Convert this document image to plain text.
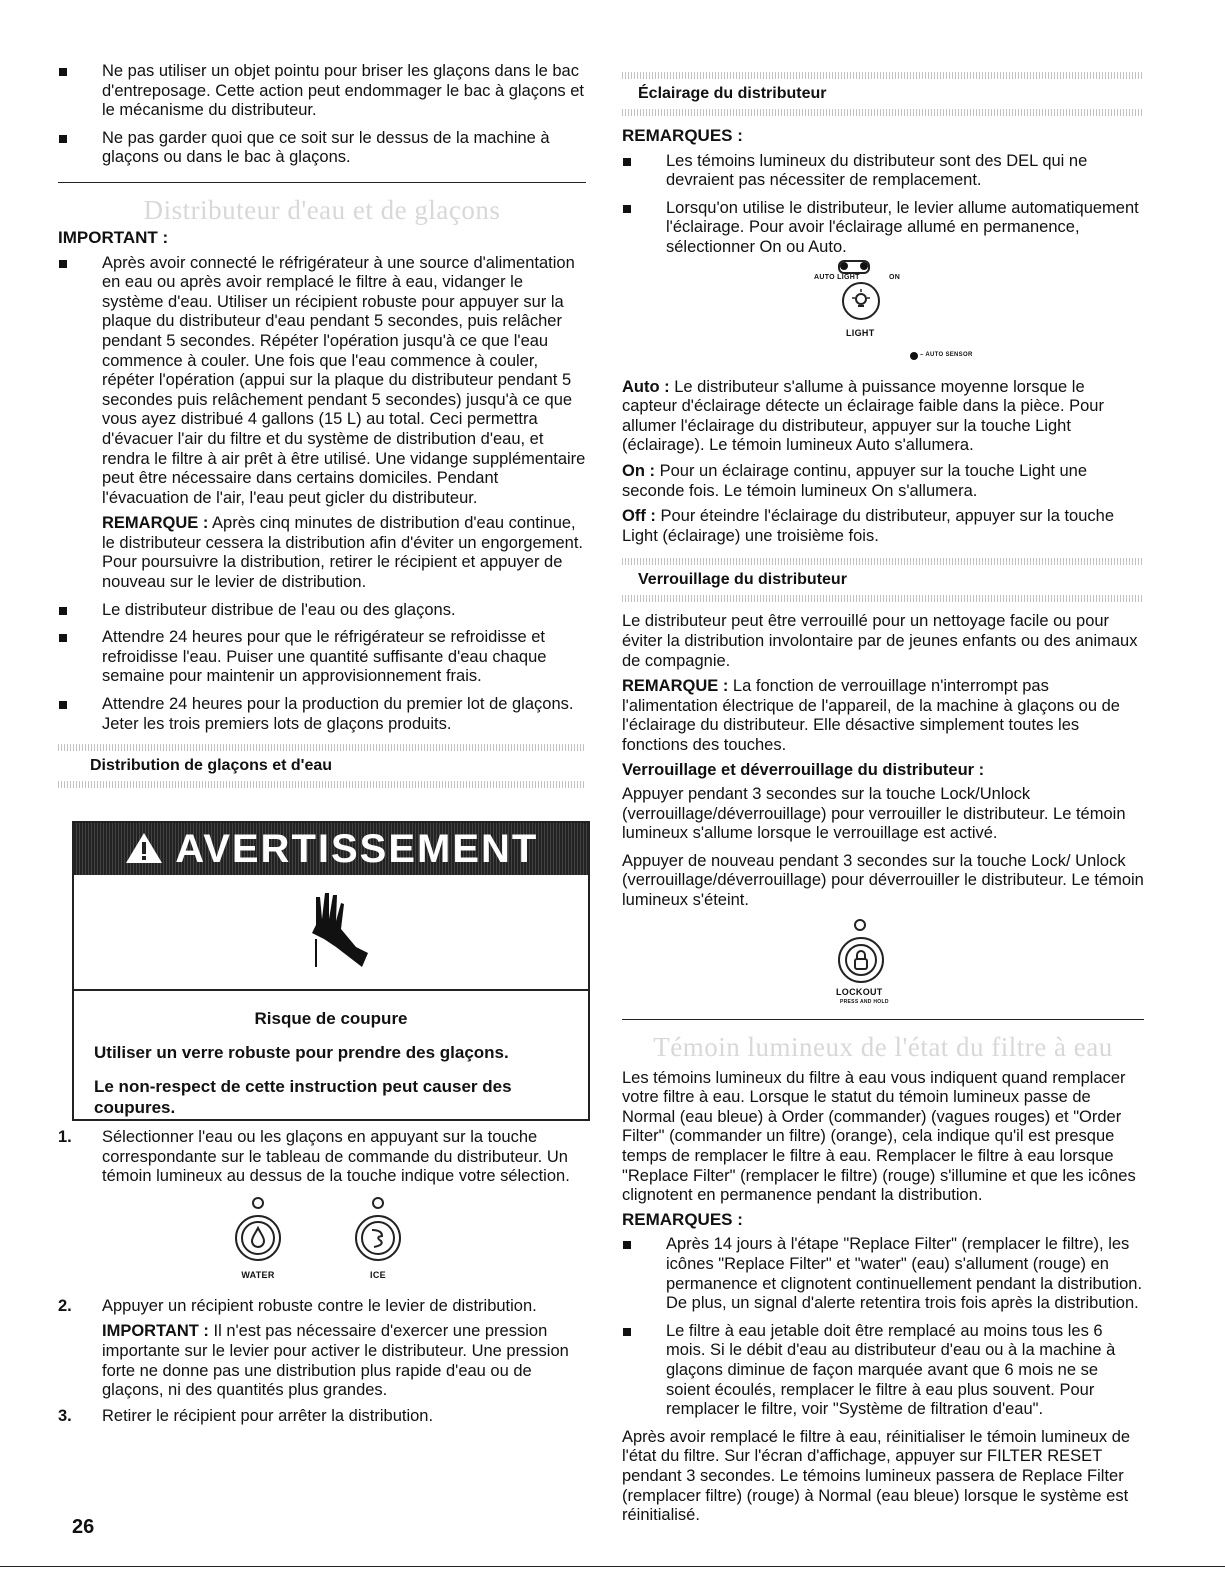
Ne pas utiliser un objet pointu pour briser les glaçons dans le bac d'entreposage. Cette action peut endommager le bac à glaçons et le mécanisme du distributeur.
Ne pas garder quoi que ce soit sur le dessus de la machine à glaçons ou dans le bac à glaçons.
Distributeur d'eau et de glaçons

IMPORTANT :

Après avoir connecté le réfrigérateur à une source d'alimentation en eau ou après avoir remplacé le filtre à eau, vidanger le système d'eau. Utiliser un récipient robuste pour appuyer sur la plaque du distributeur d'eau pendant 5 secondes, puis relâcher pendant 5 secondes. Répéter l'opération jusqu'à ce que l'eau commence à couler. Une fois que l'eau commence à couler, répéter l'opération (appui sur la plaque du distributeur pendant 5 secondes puis relâchement pendant 5 secondes) jusqu'à ce que vous ayez distribué 4 gallons (15 L) au total. Ceci permettra d'évacuer l'air du filtre et du système de distribution d'eau, et rendra le filtre à air prêt à être utilisé. Une vidange supplémentaire peut être nécessaire dans certains domiciles. Pendant l'évacuation de l'air, l'eau peut gicler du distributeur.

REMARQUE : Après cinq minutes de distribution d'eau continue, le distributeur cessera la distribution afin d'éviter un engorgement. Pour poursuivre la distribution, retirer le récipient et appuyer de nouveau sur le levier de distribution.

Le distributeur distribue de l'eau ou des glaçons.
Attendre 24 heures pour que le réfrigérateur se refroidisse et refroidisse l'eau. Puiser une quantité suffisante d'eau chaque semaine pour maintenir un approvisionnement frais.
Attendre 24 heures pour la production du premier lot de glaçons. Jeter les trois premiers lots de glaçons produits.
Distribution de glaçons et d'eau
AVERTISSEMENT

Risque de coupure

Utiliser un verre robuste pour prendre des glaçons.

Le non-respect de cette instruction peut causer des coupures.

1. Sélectionner l'eau ou les glaçons en appuyant sur la touche correspondante sur le tableau de commande du distributeur. Un témoin lumineux au dessus de la touche indique votre sélection.
WATER	ICE
2. Appuyer un récipient robuste contre le levier de distribution.

IMPORTANT : Il n'est pas nécessaire d'exercer une pression importante sur le levier pour activer le distributeur. Une pression forte ne donne pas une distribution plus rapide d'eau ou de glaçons, ni des quantités plus grandes.

3. Retirer le récipient pour arrêter la distribution.
Éclairage du distributeur

REMARQUES :

Les témoins lumineux du distributeur sont des DEL qui ne devraient pas nécessiter de remplacement.
Lorsqu'on utilise le distributeur, le levier allume automatiquement l'éclairage. Pour avoir l'éclairage allumé en permanence, sélectionner On ou Auto.
AUTO LIGHT	ON
LIGHT
– AUTO SENSOR

Auto : Le distributeur s'allume à puissance moyenne lorsque le capteur d'éclairage détecte un éclairage faible dans la pièce. Pour allumer l'éclairage du distributeur, appuyer sur la touche Light (éclairage). Le témoin lumineux Auto s'allumera.

On : Pour un éclairage continu, appuyer sur la touche Light une seconde fois. Le témoin lumineux On s'allumera.

Off : Pour éteindre l'éclairage du distributeur, appuyer sur la touche Light (éclairage) une troisième fois.

Verrouillage du distributeur

Le distributeur peut être verrouillé pour un nettoyage facile ou pour éviter la distribution involontaire par de jeunes enfants ou des animaux de compagnie.

REMARQUE : La fonction de verrouillage n'interrompt pas l'alimentation électrique de l'appareil, de la machine à glaçons ou de l'éclairage du distributeur. Elle désactive simplement toutes les fonctions des touches.

Verrouillage et déverrouillage du distributeur :

Appuyer pendant 3 secondes sur la touche Lock/Unlock (verrouillage/déverrouillage) pour verrouiller le distributeur. Le témoin lumineux s'allume lorsque le verrouillage est activé.

Appuyer de nouveau pendant 3 secondes sur la touche Lock/ Unlock (verrouillage/déverrouillage) pour déverrouiller le distributeur. Le témoin lumineux s'éteint.

LOCKOUT
PRESS AND HOLD
Témoin lumineux de l'état du filtre à eau

Les témoins lumineux du filtre à eau vous indiquent quand remplacer votre filtre à eau. Lorsque le statut du témoin lumineux passe de Normal (eau bleue) à Order (commander) (vagues rouges) et "Order Filter" (commander un filtre) (orange), cela indique qu'il est presque temps de remplacer le filtre à eau. Remplacer le filtre à eau lorsque "Replace Filter" (remplacer le filtre) (rouge) s'illumine et que les icônes clignotent en permanence pendant la distribution.

REMARQUES :

Après 14 jours à l'étape "Replace Filter" (remplacer le filtre), les icônes "Replace Filter" et "water" (eau) s'allument (rouge) en permanence et clignotent continuellement pendant la distribution. De plus, un signal d'alerte retentira trois fois après la distribution.
Le filtre à eau jetable doit être remplacé au moins tous les 6 mois. Si le débit d'eau au distributeur d'eau ou à la machine à glaçons diminue de façon marquée avant que 6 mois ne se soient écoulés, remplacer le filtre à eau plus souvent. Pour remplacer le filtre, voir "Système de filtration d'eau".

Après avoir remplacé le filtre à eau, réinitialiser le témoin lumineux de l'état du filtre. Sur l'écran d'affichage, appuyer sur FILTER RESET pendant 3 secondes. Le témoins lumineux passera de Replace Filter (remplacer filtre) (rouge) à Normal (eau bleue) lorsque le système est réinitialisé.

26
